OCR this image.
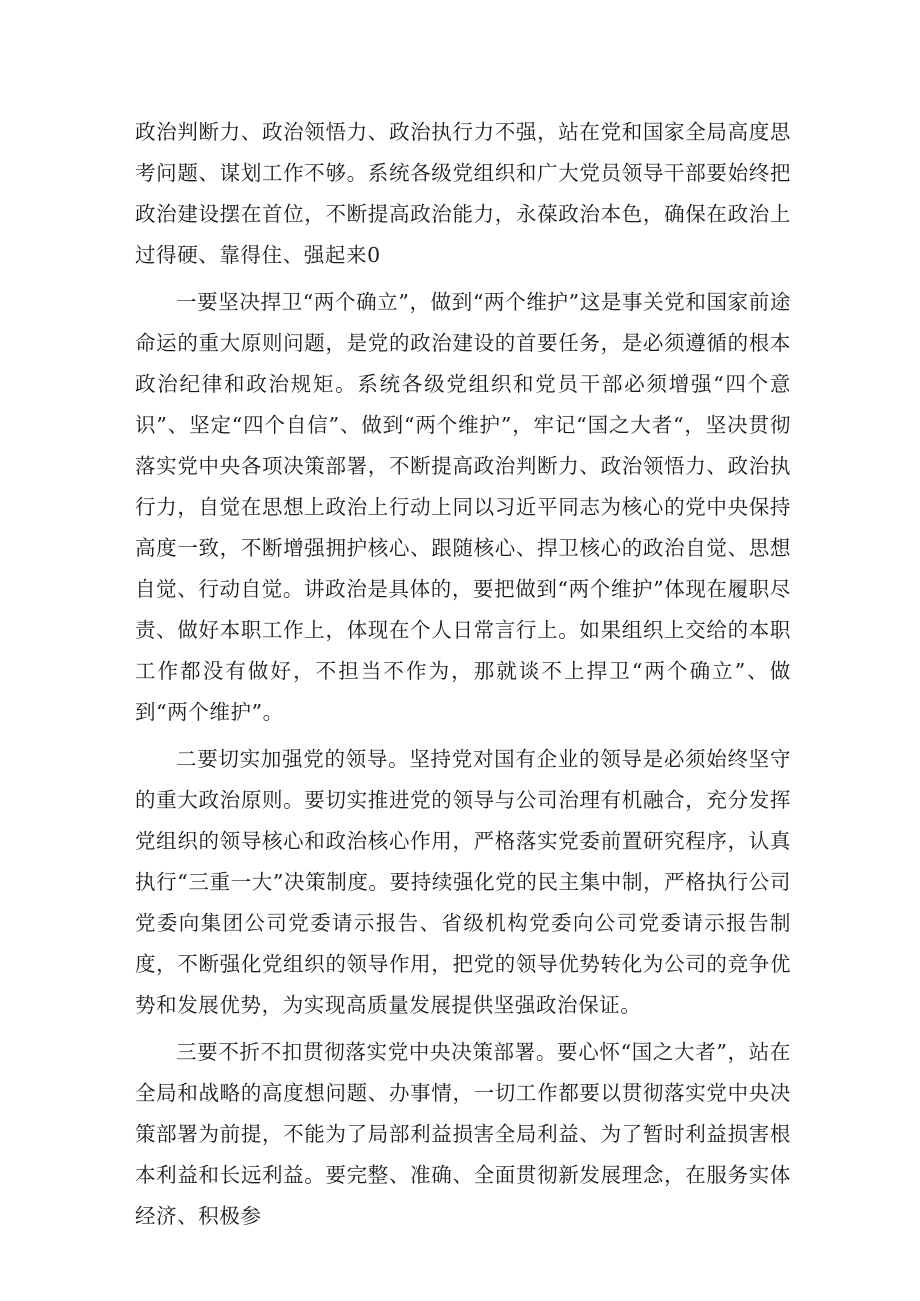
政治判断力、政治领悟力、政治执行力不强，站在党和国家全局高度思考问题、谋划工作不够。系统各级党组织和广大党员领导干部要始终把政治建设摆在首位，不断提高政治能力，永葆政治本色，确保在政治上过得硬、靠得住、强起来0

一要坚决捍卫“两个确立”，做到“两个维护”这是事关党和国家前途命运的重大原则问题，是党的政治建设的首要任务，是必须遵循的根本政治纪律和政治规矩。系统各级党组织和党员干部必须增强“四个意识”、坚定“四个自信”、做到“两个维护”，牢记“国之大者“，坚决贯彻落实党中央各项决策部署，不断提高政治判断力、政治领悟力、政治执行力，自觉在思想上政治上行动上同以习近平同志为核心的党中央保持高度一致，不断增强拥护核心、跟随核心、捍卫核心的政治自觉、思想自觉、行动自觉。讲政治是具体的，要把做到“两个维护”体现在履职尽责、做好本职工作上，体现在个人日常言行上。如果组织上交给的本职工作都没有做好，不担当不作为，那就谈不上捍卫“两个确立”、做到“两个维护”。

二要切实加强党的领导。坚持党对国有企业的领导是必须始终坚守的重大政治原则。要切实推进党的领导与公司治理有机融合，充分发挥党组织的领导核心和政治核心作用，严格落实党委前置研究程序，认真执行“三重一大”决策制度。要持续强化党的民主集中制，严格执行公司党委向集团公司党委请示报告、省级机构党委向公司党委请示报告制度，不断强化党组织的领导作用，把党的领导优势转化为公司的竞争优势和发展优势，为实现高质量发展提供坚强政治保证。

三要不折不扣贯彻落实党中央决策部署。要心怀“国之大者”，站在全局和战略的高度想问题、办事情，一切工作都要以贯彻落实党中央决策部署为前提，不能为了局部利益损害全局利益、为了暂时利益损害根本利益和长远利益。要完整、准确、全面贯彻新发展理念，在服务实体经济、积极参
